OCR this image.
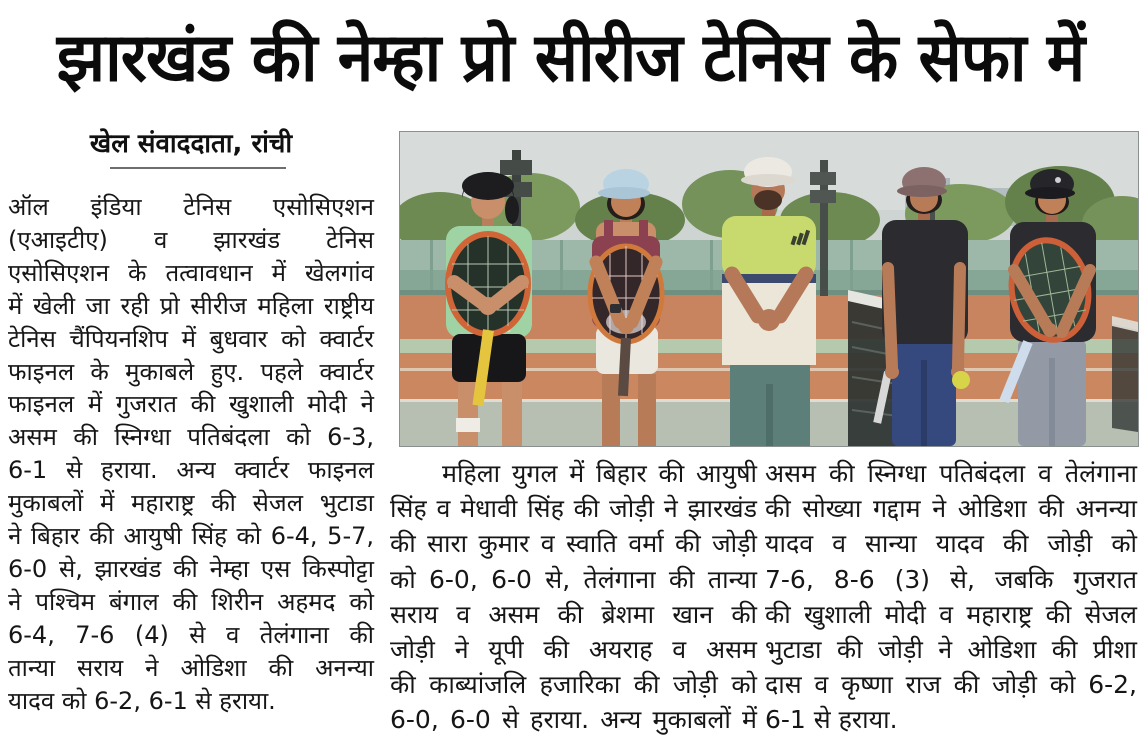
झारखंड की नेम्हा प्रो सीरीज टेनिस के सेफा में
खेल संवाददाता, रांची
ऑल इंडिया टेनिस एसोसिएशन
(एआइटीए) व झारखंड टेनिस
एसोसिएशन के तत्वावधान में खेलगांव
में खेली जा रही प्रो सीरीज महिला राष्ट्रीय
टेनिस चैंपियनशिप में बुधवार को क्वार्टर
फाइनल के मुकाबले हुए. पहले क्वार्टर
फाइनल में गुजरात की खुशाली मोदी ने
असम की स्निग्धा पतिबंदला को 6-3,
6-1 से हराया. अन्य क्वार्टर फाइनल
मुकाबलों में महाराष्ट्र की सेजल भुटाडा
ने बिहार की आयुषी सिंह को 6-4, 5-7,
6-0 से, झारखंड की नेम्हा एस किस्पोट्टा
ने पश्चिम बंगाल की शिरीन अहमद को
6-4, 7-6 (4) से व तेलंगाना की
तान्या सराय ने ओडिशा की अनन्या
यादव को 6-2, 6-1 से हराया.
महिला युगल में बिहार की आयुषी
सिंह व मेधावी सिंह की जोड़ी ने झारखंड
की सारा कुमार व स्वाति वर्मा की जोड़ी
को 6-0, 6-0 से, तेलंगाना की तान्या
सराय व असम की ब्रेशमा खान की
जोड़ी ने यूपी की अयराह व असम
की काब्यांजलि हजारिका की जोड़ी को
6-0, 6-0 से हराया. अन्य मुकाबलों में
असम की स्निग्धा पतिबंदला व तेलंगाना
की सोख्या गद्दाम ने ओडिशा की अनन्या
यादव व सान्या यादव की जोड़ी को
7-6, 8-6 (3) से, जबकि गुजरात
की खुशाली मोदी व महाराष्ट्र की सेजल
भुटाडा की जोड़ी ने ओडिशा की प्रीशा
दास व कृष्णा राज की जोड़ी को 6-2,
6-1 से हराया.
